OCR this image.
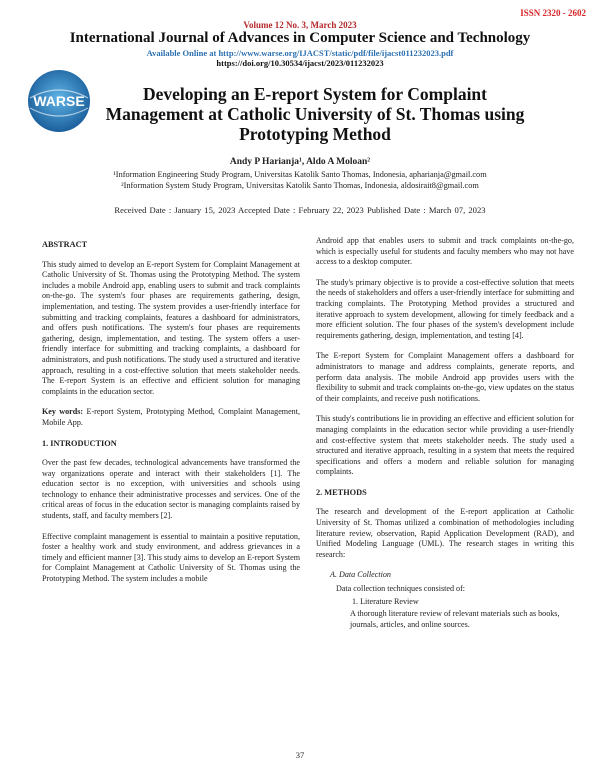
ISSN 2320 - 2602
Volume 12 No. 3, March 2023
International Journal of Advances in Computer Science and Technology
Available Online at http://www.warse.org/IJACST/static/pdf/file/ijacst011232023.pdf
https://doi.org/10.30534/ijacst/2023/011232023
WARSE	Developing an E-report System for Complaint Management at Catholic University of St. Thomas using Prototyping Method
Andy P Harianja¹, Aldo A Moloan²
¹Information Engineering Study Program, Universitas Katolik Santo Thomas, Indonesia, apharianja@gmail.com
²Information System Study Program, Universitas Katolik Santo Thomas, Indonesia, aldosirait8@gmail.com
Received Date : January 15, 2023 Accepted Date : February 22, 2023 Published Date : March 07, 2023
ABSTRACT

This study aimed to develop an E-report System for Complaint Management at Catholic University of St. Thomas using the Prototyping Method. The system includes a mobile Android app, enabling users to submit and track complaints on-the-go. The system's four phases are requirements gathering, design, implementation, and testing. The system provides a user-friendly interface for submitting and tracking complaints, features a dashboard for administrators, and offers push notifications. The system's four phases are requirements gathering, design, implementation, and testing. The system offers a user-friendly interface for submitting and tracking complaints, a dashboard for administrators, and push notifications. The study used a structured and iterative approach, resulting in a cost-effective solution that meets stakeholder needs. The E-report System is an effective and efficient solution for managing complaints in the education sector.

Key words: E-report System, Prototyping Method, Complaint Management, Mobile App.

1. INTRODUCTION

Over the past few decades, technological advancements have transformed the way organizations operate and interact with their stakeholders [1]. The education sector is no exception, with universities and schools using technology to enhance their administrative processes and services. One of the critical areas of focus in the education sector is managing complaints raised by students, staff, and faculty members [2].

Effective complaint management is essential to maintain a positive reputation, foster a healthy work and study environment, and address grievances in a timely and efficient manner [3]. This study aims to develop an E-report System for Complaint Management at Catholic University of St. Thomas using the Prototyping Method. The system includes a mobile

Android app that enables users to submit and track complaints on-the-go, which is especially useful for students and faculty members who may not have access to a desktop computer.

The study's primary objective is to provide a cost-effective solution that meets the needs of stakeholders and offers a user-friendly interface for submitting and tracking complaints. The Prototyping Method provides a structured and iterative approach to system development, allowing for timely feedback and a more efficient solution. The four phases of the system's development include requirements gathering, design, implementation, and testing [4].

The E-report System for Complaint Management offers a dashboard for administrators to manage and address complaints, generate reports, and perform data analysis. The mobile Android app provides users with the flexibility to submit and track complaints on-the-go, view updates on the status of their complaints, and receive push notifications.

This study's contributions lie in providing an effective and efficient solution for managing complaints in the education sector while providing a user-friendly and cost-effective system that meets stakeholder needs. The study used a structured and iterative approach, resulting in a system that meets the required specifications and offers a modern and reliable solution for managing complaints.

2. METHODS

The research and development of the E-report application at Catholic University of St. Thomas utilized a combination of methodologies including literature review, observation, Rapid Application Development (RAD), and Unified Modeling Language (UML). The research stages in writing this research:

A. Data Collection
Data collection techniques consisted of:
1. Literature Review
A thorough literature review of relevant materials such as books, journals, articles, and online sources.
37
